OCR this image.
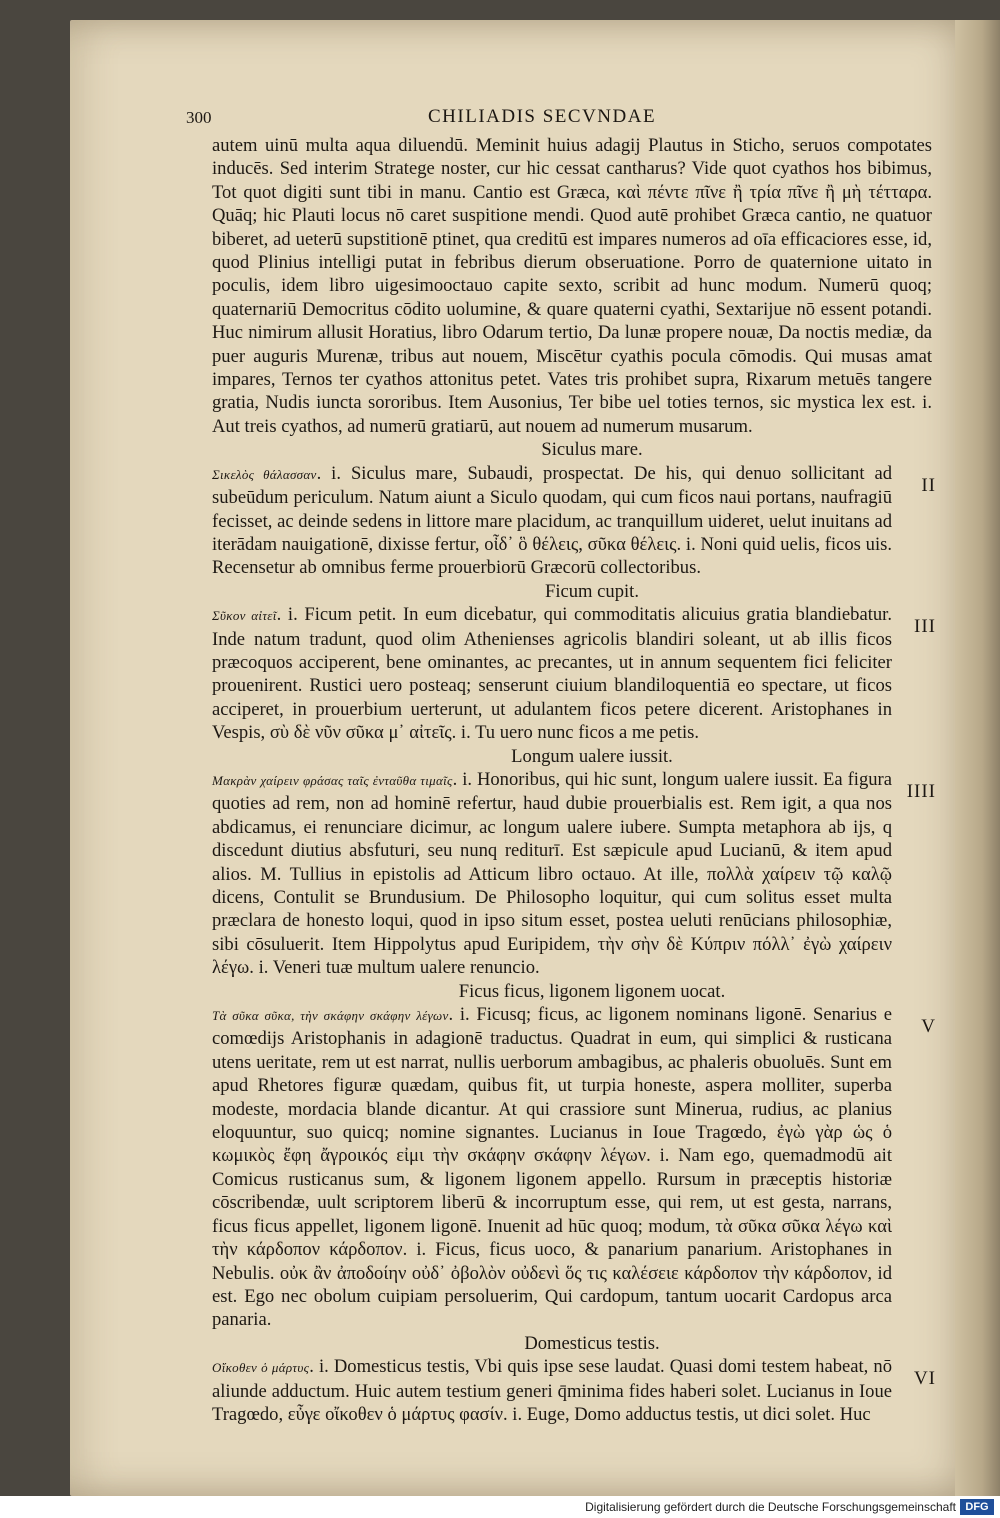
300	CHILIADIS SECVNDAE

autem uinū multa aqua diluendū. Meminit huius adagij Plautus in Sticho, seruos compotates inducēs. Sed interim Stratege noster, cur hic cessat cantharus? Vide quot cyathos hos bibimus, Tot quot digiti sunt tibi in manu. Cantio est Græca, καὶ πέντε πῖνε ἢ τρία πῖνε ἢ μὴ τέτταρα. Quāq; hic Plauti locus nō caret suspitione mendi. Quod autē prohibet Græca cantio, ne quatuor biberet, ad ueterū supstitionē ptinet, qua creditū est impares numeros ad oīa efficaciores esse, id, quod Plinius intelligi putat in febribus dierum obseruatione. Porro de quaternione uitato in poculis, idem libro uigesimooctauo capite sexto, scribit ad hunc modum. Numerū quoq; quaternariū Democritus cōdito uolumine, & quare quaterni cyathi, Sextarijue nō essent potandi. Huc nimirum allusit Horatius, libro Odarum tertio, Da lunæ propere nouæ, Da noctis mediæ, da puer auguris Murenæ, tribus aut nouem, Miscētur cyathis pocula cōmodis. Qui musas amat impares, Ternos ter cyathos attonitus petet. Vates tris prohibet supra, Rixarum metuēs tangere gratia, Nudis iuncta sororibus. Item Ausonius, Ter bibe uel toties ternos, sic mystica lex est. i. Aut treis cyathos, ad numerū gratiarū, aut nouem ad numerum musarum.

Siculus mare.

II
Σικελὸς θάλασσαν. i. Siculus mare, Subaudi, prospectat. De his, qui denuo sollicitant ad subeūdum periculum. Natum aiunt a Siculo quodam, qui cum ficos naui portans, naufragiū fecisset, ac deinde sedens in littore mare placidum, ac tranquillum uideret, uelut inuitans ad iterādam nauigationē, dixisse fertur, οἶδ᾽ ὃ θέλεις, σῦκα θέλεις. i. Noni quid uelis, ficos uis. Recensetur ab omnibus ferme prouerbiorū Græcorū collectoribus.

Ficum cupit.

III
Σῦκον αἰτεῖ. i. Ficum petit. In eum dicebatur, qui commoditatis alicuius gratia blandiebatur. Inde natum tradunt, quod olim Athenienses agricolis blandiri soleant, ut ab illis ficos præcoquos acciperent, bene ominantes, ac precantes, ut in annum sequentem fici feliciter prouenirent. Rustici uero posteaq; senserunt ciuium blandiloquentiā eo spectare, ut ficos acciperet, in prouerbium uerterunt, ut adulantem ficos petere dicerent. Aristophanes in Vespis, σὺ δὲ νῦν σῦκα μ᾽ αἰτεῖς. i. Tu uero nunc ficos a me petis.

Longum ualere iussit.

IIII
Μακρὰν χαίρειν φράσας ταῖς ἐνταῦθα τιμαῖς. i. Honoribus, qui hic sunt, longum ualere iussit. Ea figura quoties ad rem, non ad hominē refertur, haud dubie prouerbialis est. Rem igit, a qua nos abdicamus, ei renunciare dicimur, ac longum ualere iubere. Sumpta metaphora ab ijs, q discedunt diutius absfuturi, seu nunq rediturī. Est sæpicule apud Lucianū, & item apud alios. M. Tullius in epistolis ad Atticum libro octauo. At ille, πολλὰ χαίρειν τῷ καλῷ dicens, Contulit se Brundusium. De Philosopho loquitur, qui cum solitus esset multa præclara de honesto loqui, quod in ipso situm esset, postea ueluti renūcians philosophiæ, sibi cōsuluerit. Item Hippolytus apud Euripidem, τὴν σὴν δὲ Κύπριν πόλλ᾽ ἐγὼ χαίρειν λέγω. i. Veneri tuæ multum ualere renuncio.

Ficus ficus, ligonem ligonem uocat.

V
Τὰ σῦκα σῦκα, τὴν σκάφην σκάφην λέγων. i. Ficusq; ficus, ac ligonem nominans ligonē. Senarius e comœdijs Aristophanis in adagionē traductus. Quadrat in eum, qui simplici & rusticana utens ueritate, rem ut est narrat, nullis uerborum ambagibus, ac phaleris obuoluēs. Sunt em apud Rhetores figuræ quædam, quibus fit, ut turpia honeste, aspera molliter, superba modeste, mordacia blande dicantur. At qui crassiore sunt Minerua, rudius, ac planius eloquuntur, suo quicq; nomine signantes. Lucianus in Ioue Tragœdo, ἐγὼ γὰρ ὡς ὁ κωμικὸς ἔφη ἄγροικός εἰμι τὴν σκάφην σκάφην λέγων. i. Nam ego, quemadmodū ait Comicus rusticanus sum, & ligonem ligonem appello. Rursum in præceptis historiæ cōscribendæ, uult scriptorem liberū & incorruptum esse, qui rem, ut est gesta, narrans, ficus ficus appellet, ligonem ligonē. Inuenit ad hūc quoq; modum, τὰ σῦκα σῦκα λέγω καὶ τὴν κάρδοπον κάρδοπον. i. Ficus, ficus uoco, & panarium panarium. Aristophanes in Nebulis. οὐκ ἂν ἀποδοίην οὐδ᾽ ὀβολὸν οὐδενὶ ὅς τις καλέσειε κάρδοπον τὴν κάρδοπον, id est. Ego nec obolum cuipiam persoluerim, Qui cardopum, tantum uocarit Cardopus arca panaria.

Domesticus testis.

VI
Οἴκοθεν ὁ μάρτυς. i. Domesticus testis, Vbi quis ipse sese laudat. Quasi domi testem habeat, nō aliunde adductum. Huic autem testium generi q̄minima fides haberi solet. Lucianus in Ioue Tragœdo, εὖγε οἴκοθεν ὁ μάρτυς φασίν. i. Euge, Domo adductus testis, ut dici solet. Huc
Digitalisierung gefördert durch die Deutsche Forschungsgemeinschaft DFG
